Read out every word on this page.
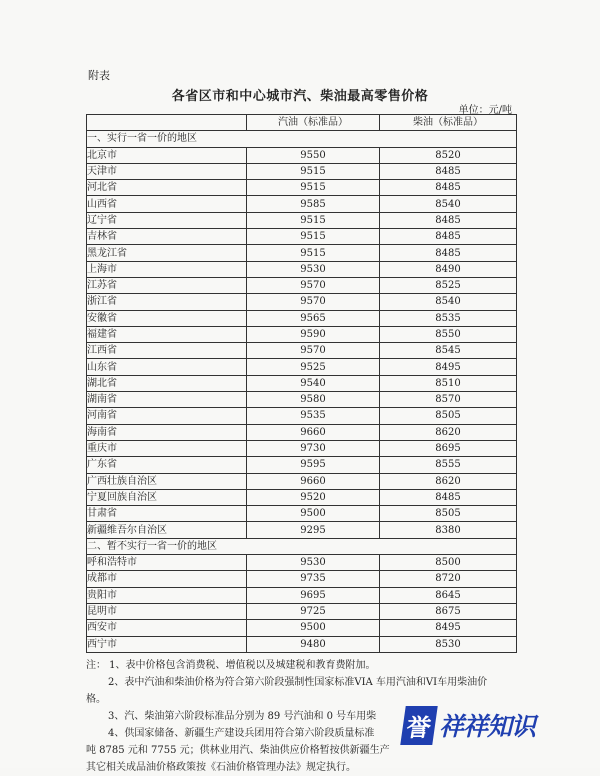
附表
各省区市和中心城市汽、柴油最高零售价格
单位：元/吨
	汽油（标准品）	柴油（标准品）
一、实行一省一价的地区		
北京市	9550	8520
天津市	9515	8485
河北省	9515	8485
山西省	9585	8540
辽宁省	9515	8485
吉林省	9515	8485
黑龙江省	9515	8485
上海市	9530	8490
江苏省	9570	8525
浙江省	9570	8540
安徽省	9565	8535
福建省	9590	8550
江西省	9570	8545
山东省	9525	8495
湖北省	9540	8510
湖南省	9580	8570
河南省	9535	8505
海南省	9660	8620
重庆市	9730	8695
广东省	9595	8555
广西壮族自治区	9660	8620
宁夏回族自治区	9520	8485
甘肃省	9500	8505
新疆维吾尔自治区	9295	8380
二、暂不实行一省一价的地区		
呼和浩特市	9530	8500
成都市	9735	8720
贵阳市	9695	8645
昆明市	9725	8675
西安市	9500	8495
西宁市	9480	8530

注： 1、表中价格包含消费税、增值税以及城建税和教育费附加。

2、表中汽油和柴油价格为符合第六阶段强制性国家标准VIA 车用汽油和VI车用柴油价

格。

3、汽、柴油第六阶段标准品分别为 89 号汽油和 0 号车用柴

4、供国家储备、新疆生产建设兵团用符合第六阶段质量标准

吨 8785 元和 7755 元；供林业用汽、柴油供应价格暂按供新疆生产

其它相关成品油价格政策按《石油价格管理办法》规定执行。

誉 祥祥知识
